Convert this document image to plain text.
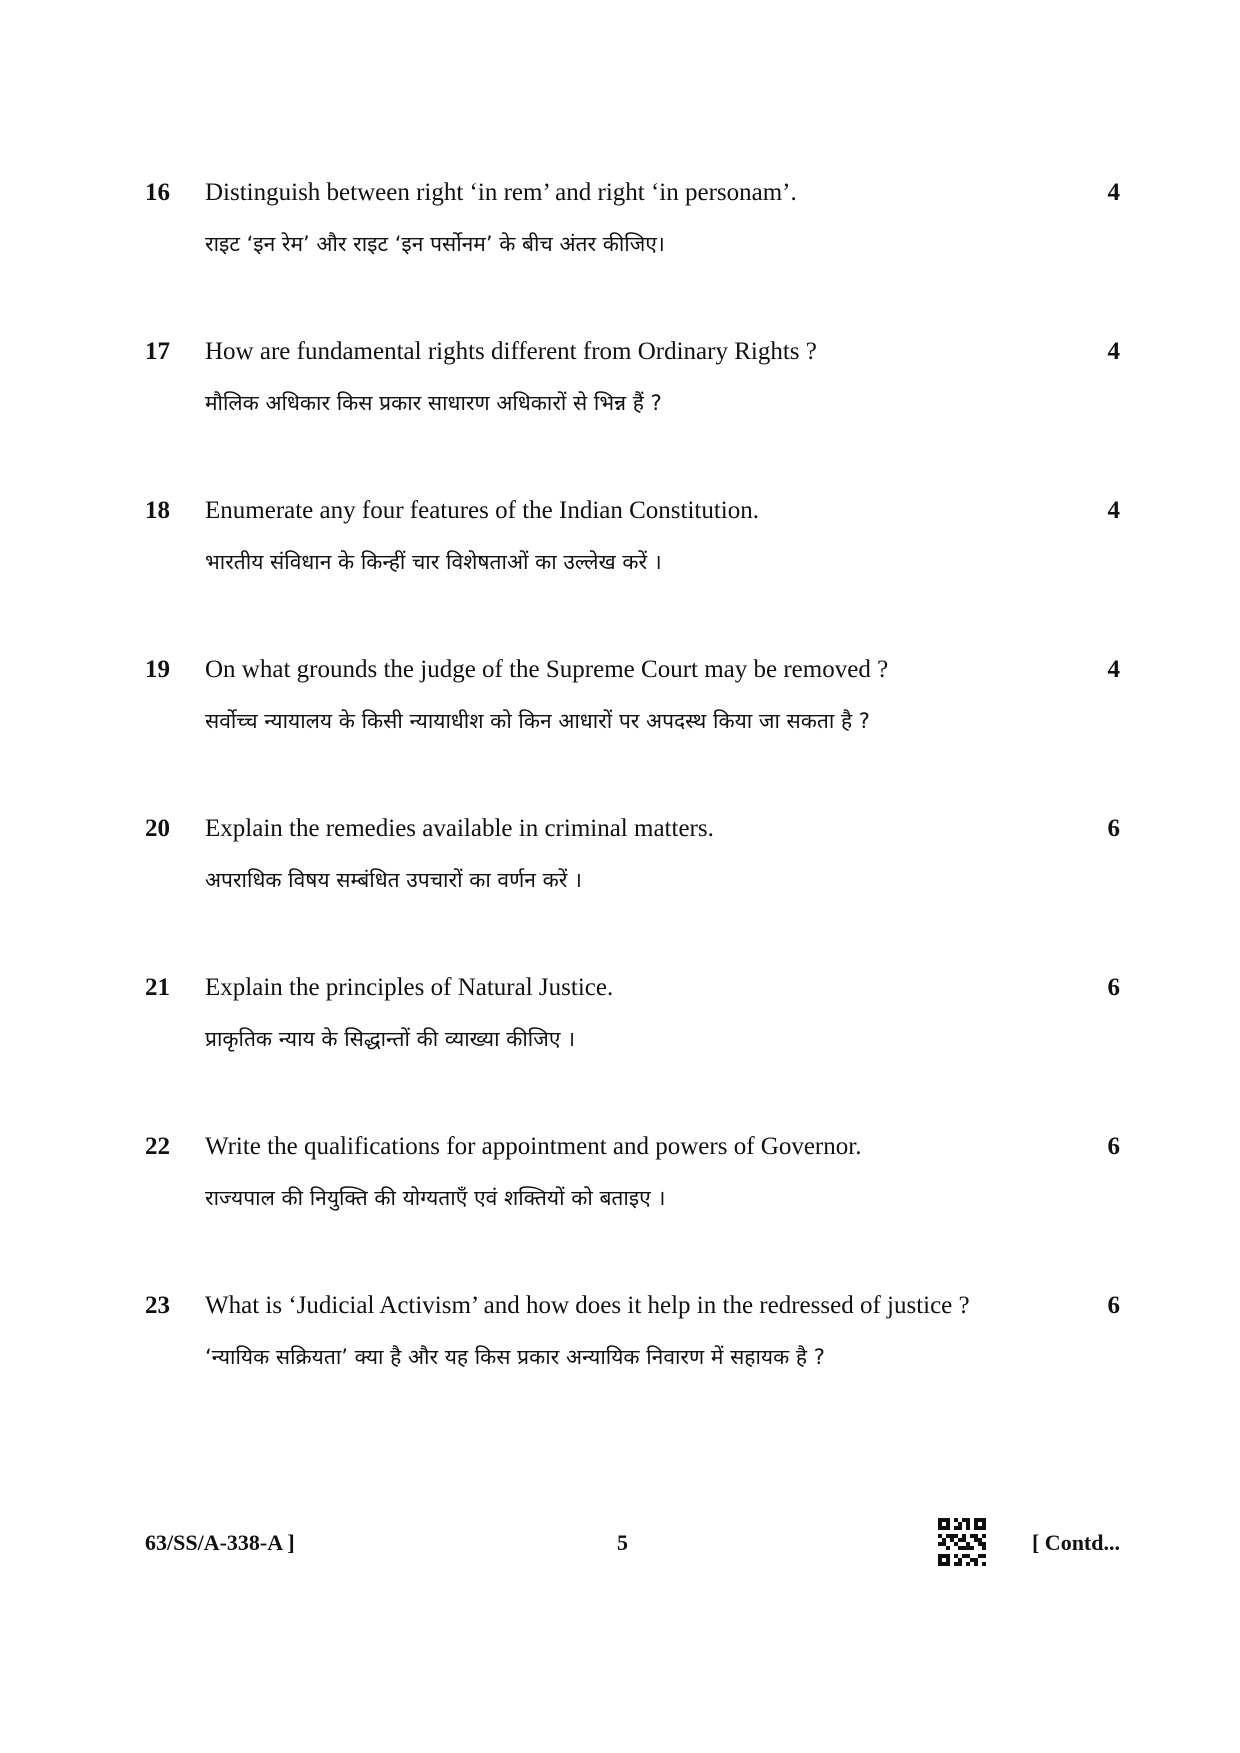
16	Distinguish between right ‘in rem’ and right ‘in personam’.
राइट ‘इन रेम’ और राइट ‘इन पर्सोनम’ के बीच अंतर कीजिए।
4
17	How are fundamental rights different from Ordinary Rights ?
मौलिक अधिकार किस प्रकार साधारण अधिकारों से भिन्न हैं ?
4
18	Enumerate any four features of the Indian Constitution.
भारतीय संविधान के किन्हीं चार विशेषताओं का उल्लेख करें ।
4
19	On what grounds the judge of the Supreme Court may be removed ?
सर्वोच्च न्यायालय के किसी न्यायाधीश को किन आधारों पर अपदस्थ किया जा सकता है ?
4
20	Explain the remedies available in criminal matters.
अपराधिक विषय सम्बंधित उपचारों का वर्णन करें ।
6
21	Explain the principles of Natural Justice.
प्राकृतिक न्याय के सिद्धान्तों की व्याख्या कीजिए ।
6
22	Write the qualifications for appointment and powers of Governor.
राज्यपाल की नियुक्ति की योग्यताएँ एवं शक्तियों को बताइए ।
6
23	What is ‘Judicial Activism’ and how does it help in the redressed of justice ?
‘न्यायिक सक्रियता’ क्या है और यह किस प्रकार अन्यायिक निवारण में सहायक है ?
6
63/SS/A-338-A ]	5	[ Contd...
